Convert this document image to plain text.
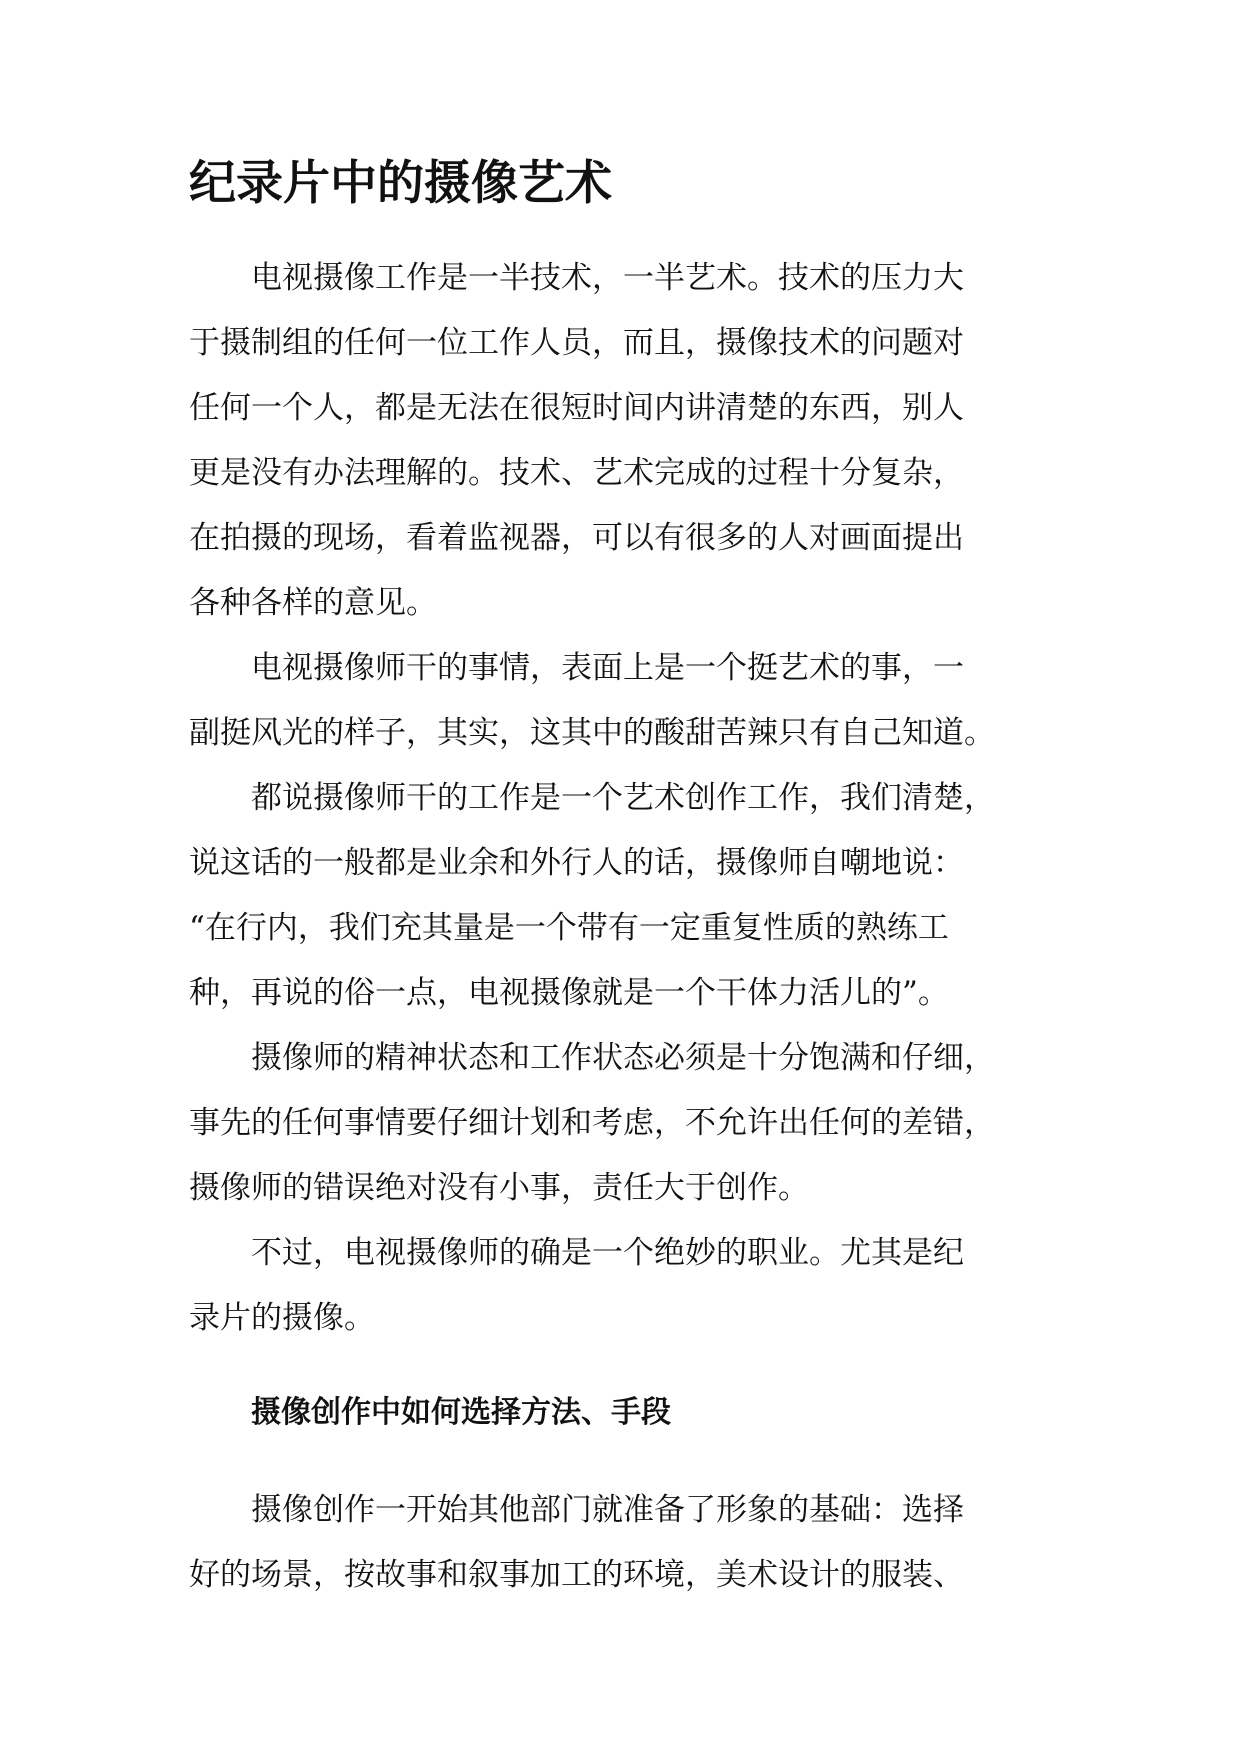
纪录片中的摄像艺术
电视摄像工作是一半技术，一半艺术。技术的压力大
于摄制组的任何一位工作人员，而且，摄像技术的问题对
任何一个人，都是无法在很短时间内讲清楚的东西，别人
更是没有办法理解的。技术、艺术完成的过程十分复杂，
在拍摄的现场，看着监视器，可以有很多的人对画面提出
各种各样的意见。
电视摄像师干的事情，表面上是一个挺艺术的事，一
副挺风光的样子，其实，这其中的酸甜苦辣只有自己知道。
都说摄像师干的工作是一个艺术创作工作，我们清楚，
说这话的一般都是业余和外行人的话，摄像师自嘲地说：
“在行内，我们充其量是一个带有一定重复性质的熟练工
种，再说的俗一点，电视摄像就是一个干体力活儿的”。
摄像师的精神状态和工作状态必须是十分饱满和仔细，
事先的任何事情要仔细计划和考虑，不允许出任何的差错，
摄像师的错误绝对没有小事，责任大于创作。
不过，电视摄像师的确是一个绝妙的职业。尤其是纪
录片的摄像。
摄像创作中如何选择方法、手段
摄像创作一开始其他部门就准备了形象的基础：选择
好的场景，按故事和叙事加工的环境，美术设计的服装、
